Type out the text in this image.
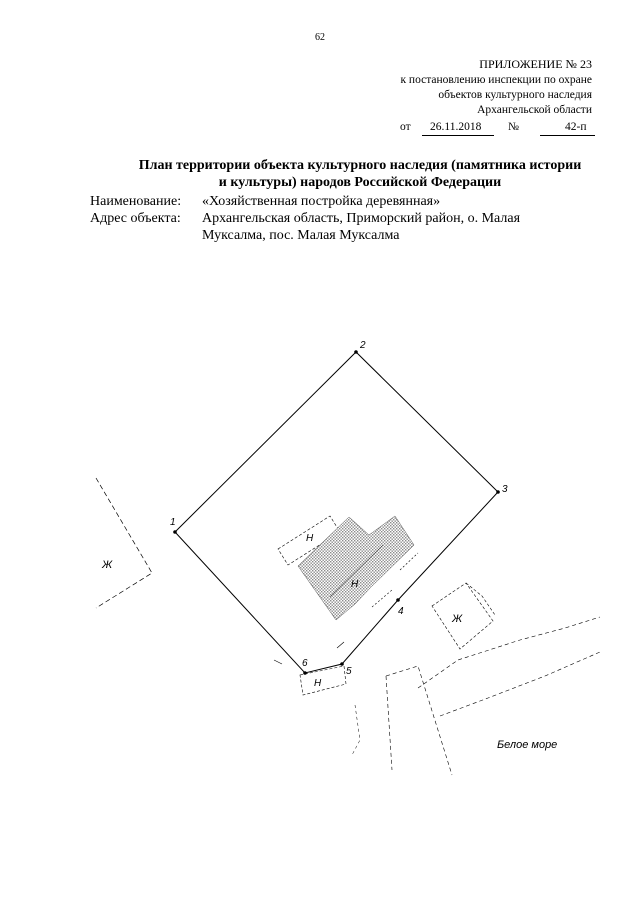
62
ПРИЛОЖЕНИЕ № 23
к постановлению инспекции по охране
объектов культурного наследия
Архангельской области
от 26.11.2018 №	42-п
План территории объекта культурного наследия (памятника истории
и культуры) народов Российской Федерации
Наименование: «Хозяйственная постройка деревянная»
Адрес объекта: Архангельская область, Приморский район, о. Малая
Муксалма, пос. Малая Муксалма
Ж
1
2
3
4
5
6
Н
Н
Н
Ж
Белое море
